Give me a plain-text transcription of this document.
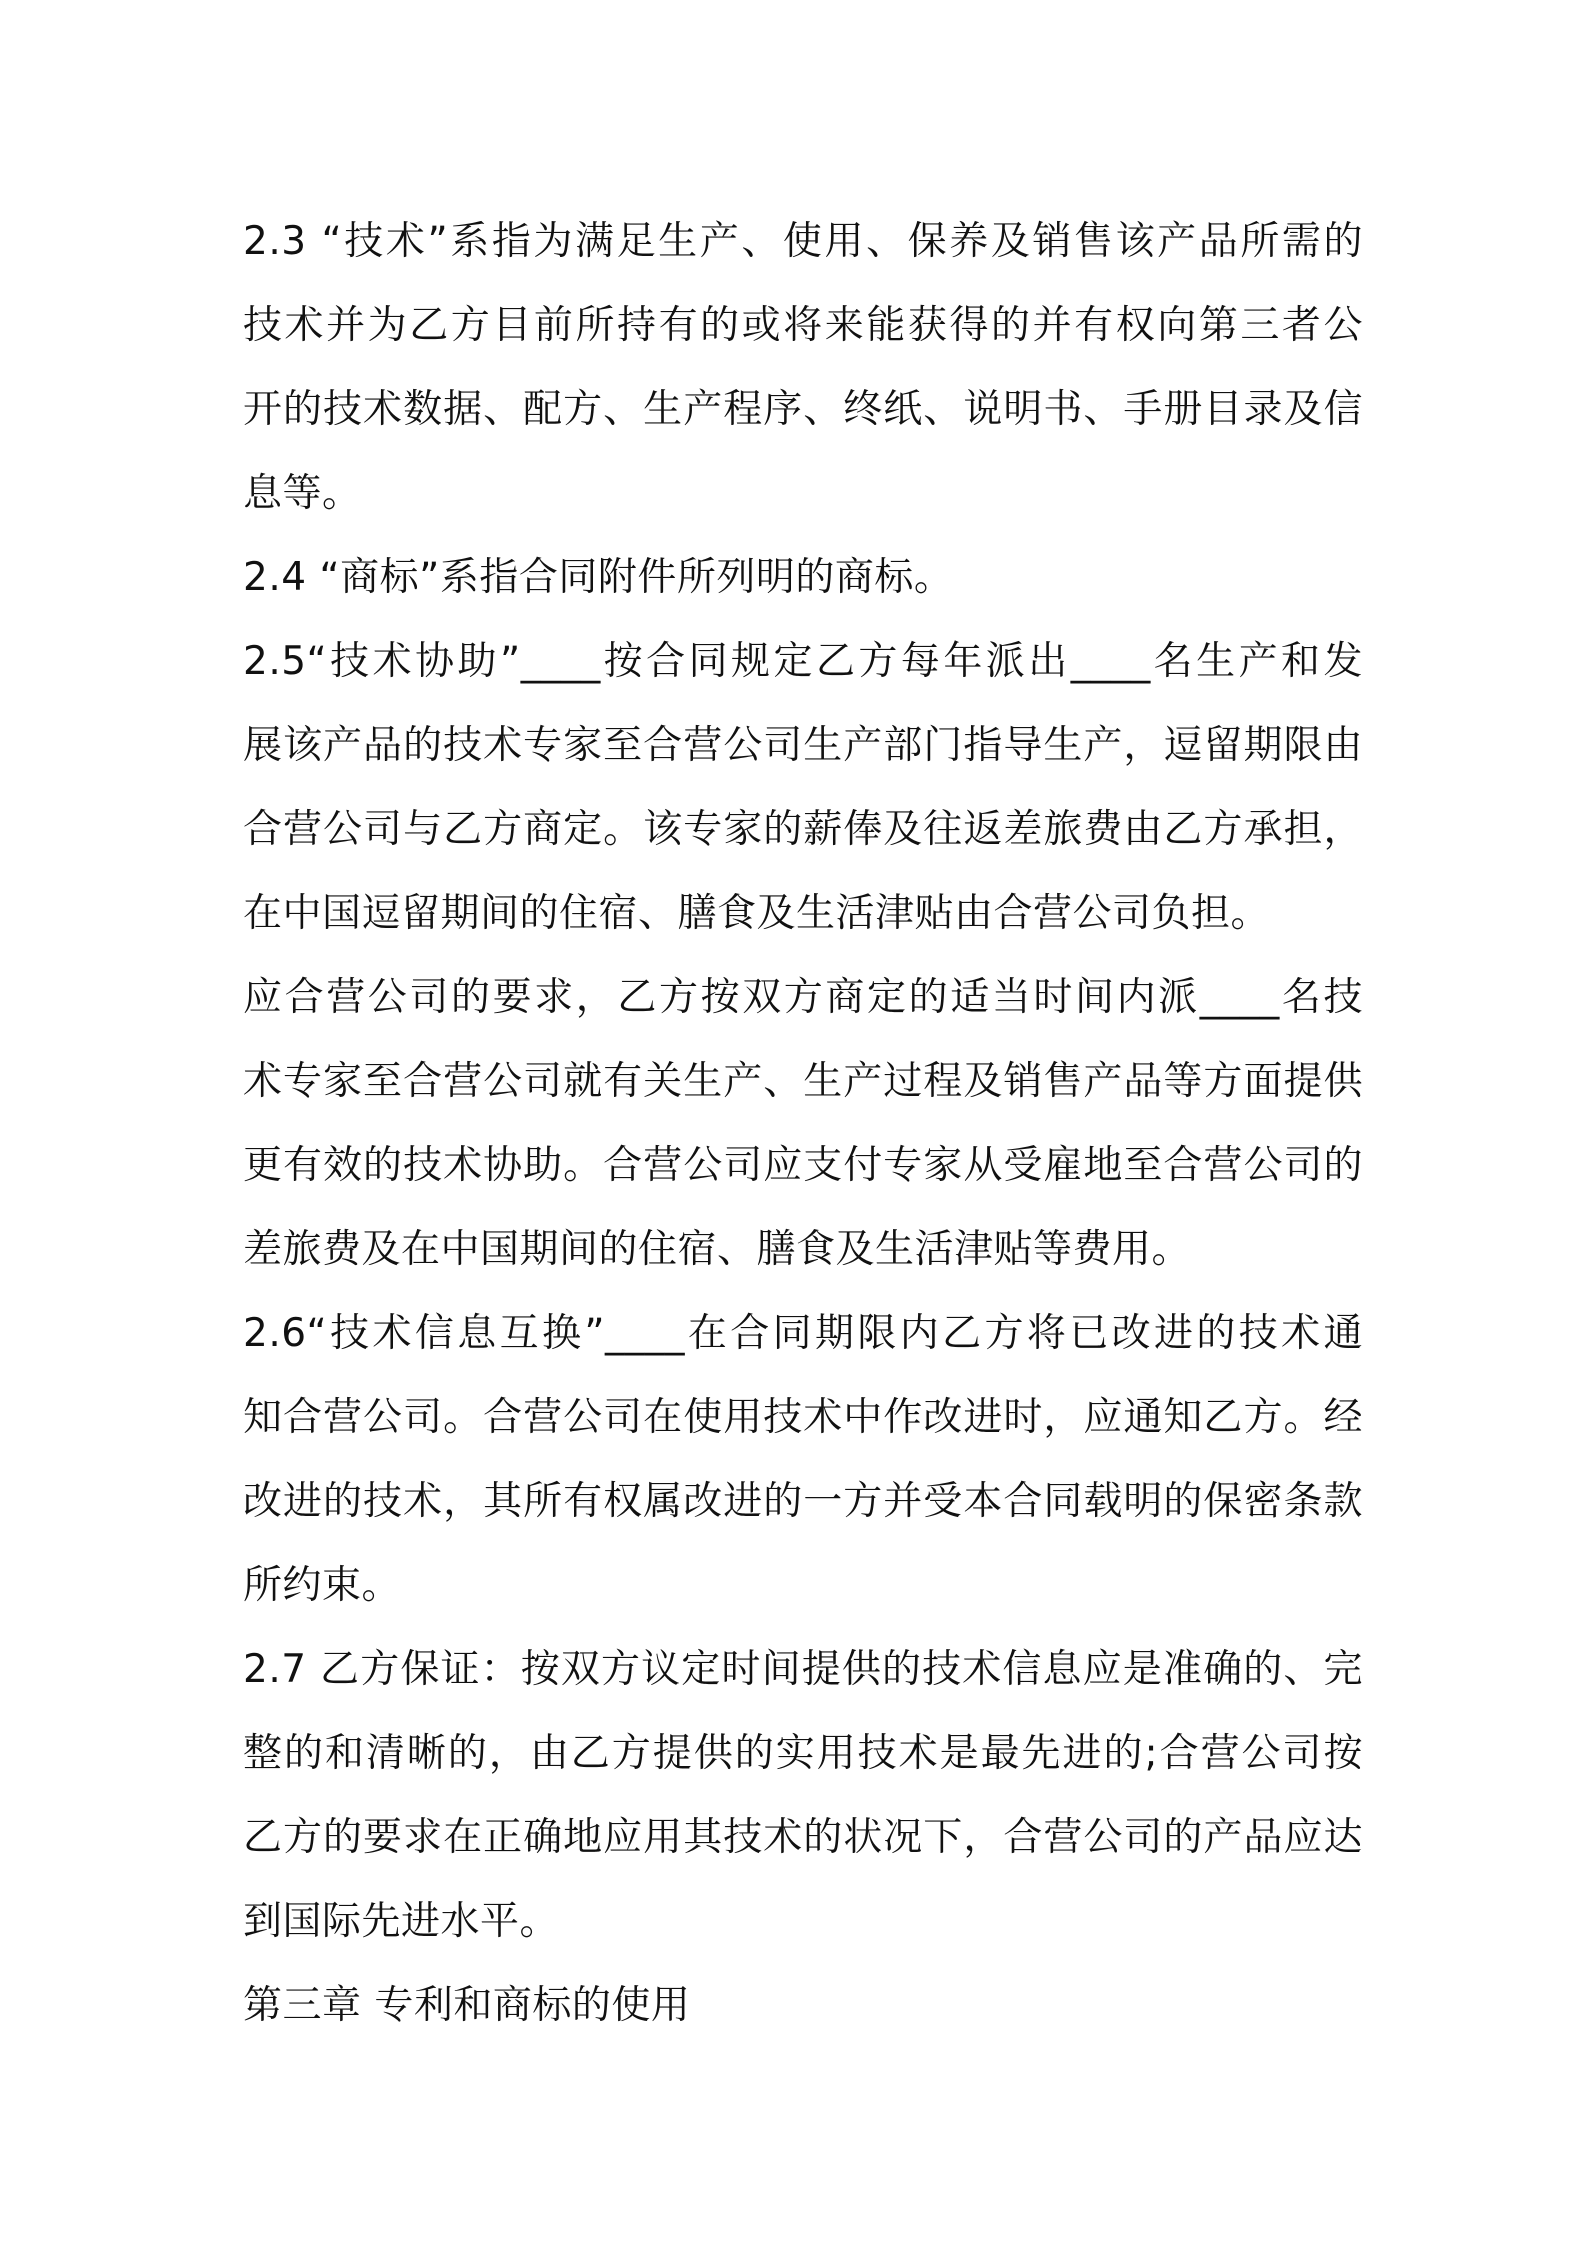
2.3 “技术”系指为满足生产、使用、保养及销售该产品所需的
技术并为乙方目前所持有的或将来能获得的并有权向第三者公
开的技术数据、配方、生产程序、终纸、说明书、手册目录及信
息等。
2.4 “商标”系指合同附件所列明的商标。
2.5“技术协助”____按合同规定乙方每年派出____名生产和发
展该产品的技术专家至合营公司生产部门指导生产，逗留期限由
合营公司与乙方商定。该专家的薪俸及往返差旅费由乙方承担，
在中国逗留期间的住宿、膳食及生活津贴由合营公司负担。
应合营公司的要求，乙方按双方商定的适当时间内派____名技
术专家至合营公司就有关生产、生产过程及销售产品等方面提供
更有效的技术协助。合营公司应支付专家从受雇地至合营公司的
差旅费及在中国期间的住宿、膳食及生活津贴等费用。
2.6“技术信息互换”____在合同期限内乙方将已改进的技术通
知合营公司。合营公司在使用技术中作改进时，应通知乙方。经
改进的技术，其所有权属改进的一方并受本合同载明的保密条款
所约束。
2.7 乙方保证：按双方议定时间提供的技术信息应是准确的、完
整的和清晰的，由乙方提供的实用技术是最先进的;合营公司按
乙方的要求在正确地应用其技术的状况下，合营公司的产品应达
到国际先进水平。
第三章 专利和商标的使用
